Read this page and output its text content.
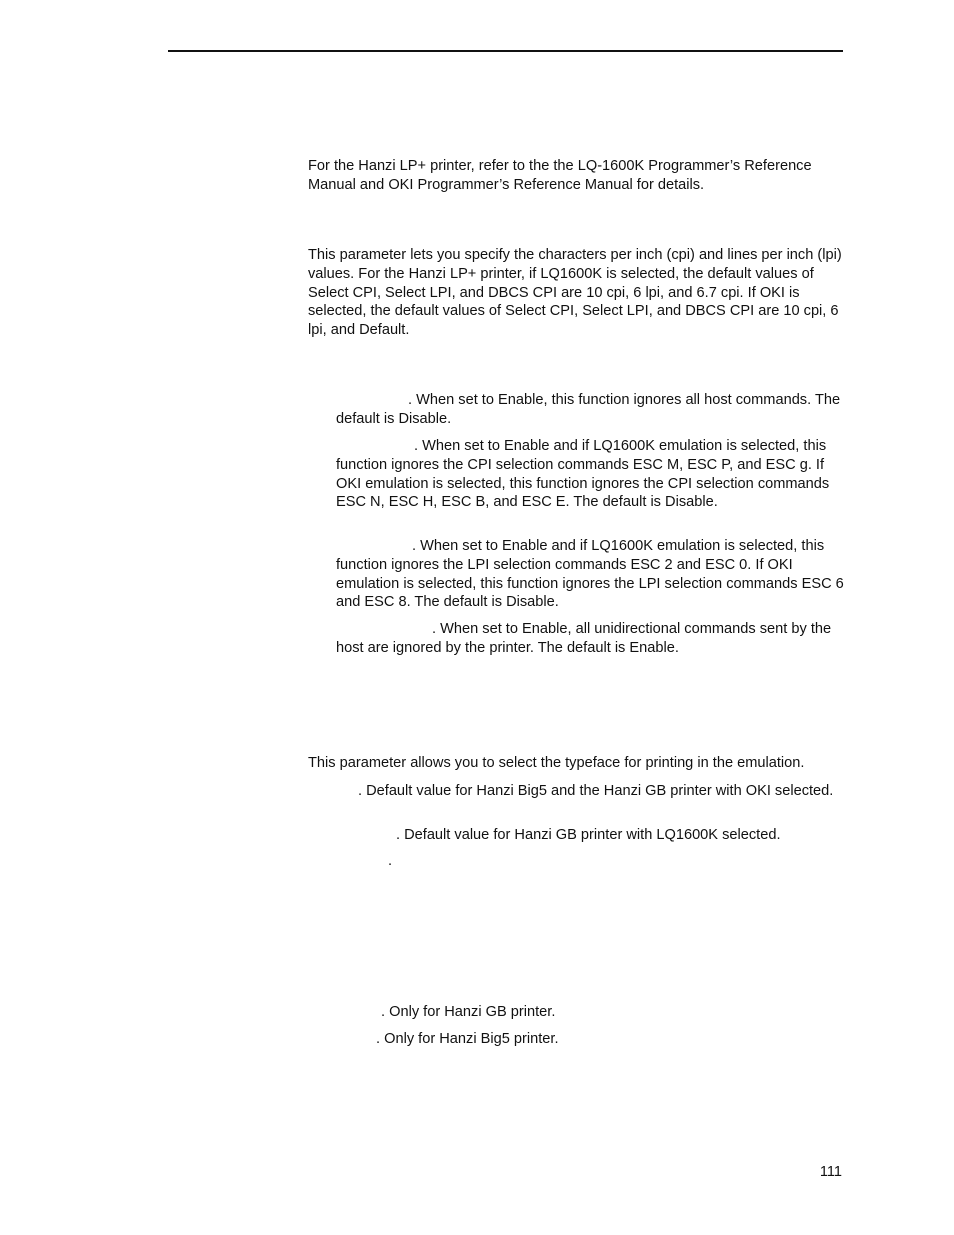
For the Hanzi LP+ printer, refer to the the LQ-1600K Programmer’s Reference Manual and OKI Programmer’s Reference Manual for details.

This parameter lets you specify the characters per inch (cpi) and lines per inch (lpi) values. For the Hanzi LP+ printer, if LQ1600K is selected, the default values of Select CPI, Select LPI, and DBCS CPI are 10 cpi, 6 lpi, and 6.7 cpi. If OKI is selected, the default values of Select CPI, Select LPI, and DBCS CPI are 10 cpi, 6 lpi, and Default.

. When set to Enable, this function ignores all host commands. The default is Disable.

. When set to Enable and if LQ1600K emulation is selected, this function ignores the CPI selection commands ESC M, ESC P, and ESC g. If OKI emulation is selected, this function ignores the CPI selection commands ESC N, ESC H, ESC B, and ESC E. The default is Disable.

. When set to Enable and if LQ1600K emulation is selected, this function ignores the LPI selection commands ESC 2 and ESC 0. If OKI emulation is selected, this function ignores the LPI selection commands ESC 6 and ESC 8. The default is Disable.

. When set to Enable, all unidirectional commands sent by the host are ignored by the printer. The default is Enable.

This parameter allows you to select the typeface for printing in the emulation.

. Default value for Hanzi Big5 and the Hanzi GB printer with OKI selected.

. Default value for Hanzi GB printer with LQ1600K selected.

.

. Only for Hanzi GB printer.

. Only for Hanzi Big5 printer.

111
